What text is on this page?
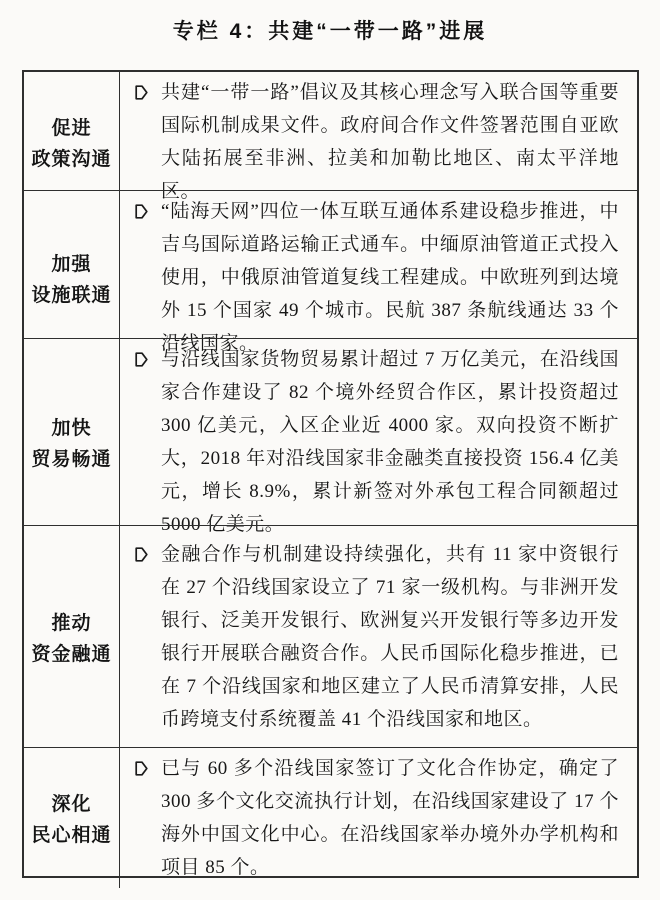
专栏 4：共建“一带一路”进展
促进
政策沟通

共建“一带一路”倡议及其核心理念写入联合国等重要国际机制成果文件。政府间合作文件签署范围自亚欧大陆拓展至非洲、拉美和加勒比地区、南太平洋地区。

加强
设施联通

“陆海天网”四位一体互联互通体系建设稳步推进，中吉乌国际道路运输正式通车。中缅原油管道正式投入使用，中俄原油管道复线工程建成。中欧班列到达境外 15 个国家 49 个城市。民航 387 条航线通达 33 个沿线国家。

加快
贸易畅通

与沿线国家货物贸易累计超过 7 万亿美元，在沿线国家合作建设了 82 个境外经贸合作区，累计投资超过 300 亿美元，入区企业近 4000 家。双向投资不断扩大，2018 年对沿线国家非金融类直接投资 156.4 亿美元，增长 8.9%，累计新签对外承包工程合同额超过 5000 亿美元。

推动
资金融通

金融合作与机制建设持续强化，共有 11 家中资银行在 27 个沿线国家设立了 71 家一级机构。与非洲开发银行、泛美开发银行、欧洲复兴开发银行等多边开发银行开展联合融资合作。人民币国际化稳步推进，已在 7 个沿线国家和地区建立了人民币清算安排，人民币跨境支付系统覆盖 41 个沿线国家和地区。

深化
民心相通

已与 60 多个沿线国家签订了文化合作协定，确定了 300 多个文化交流执行计划，在沿线国家建设了 17 个海外中国文化中心。在沿线国家举办境外办学机构和项目 85 个。
